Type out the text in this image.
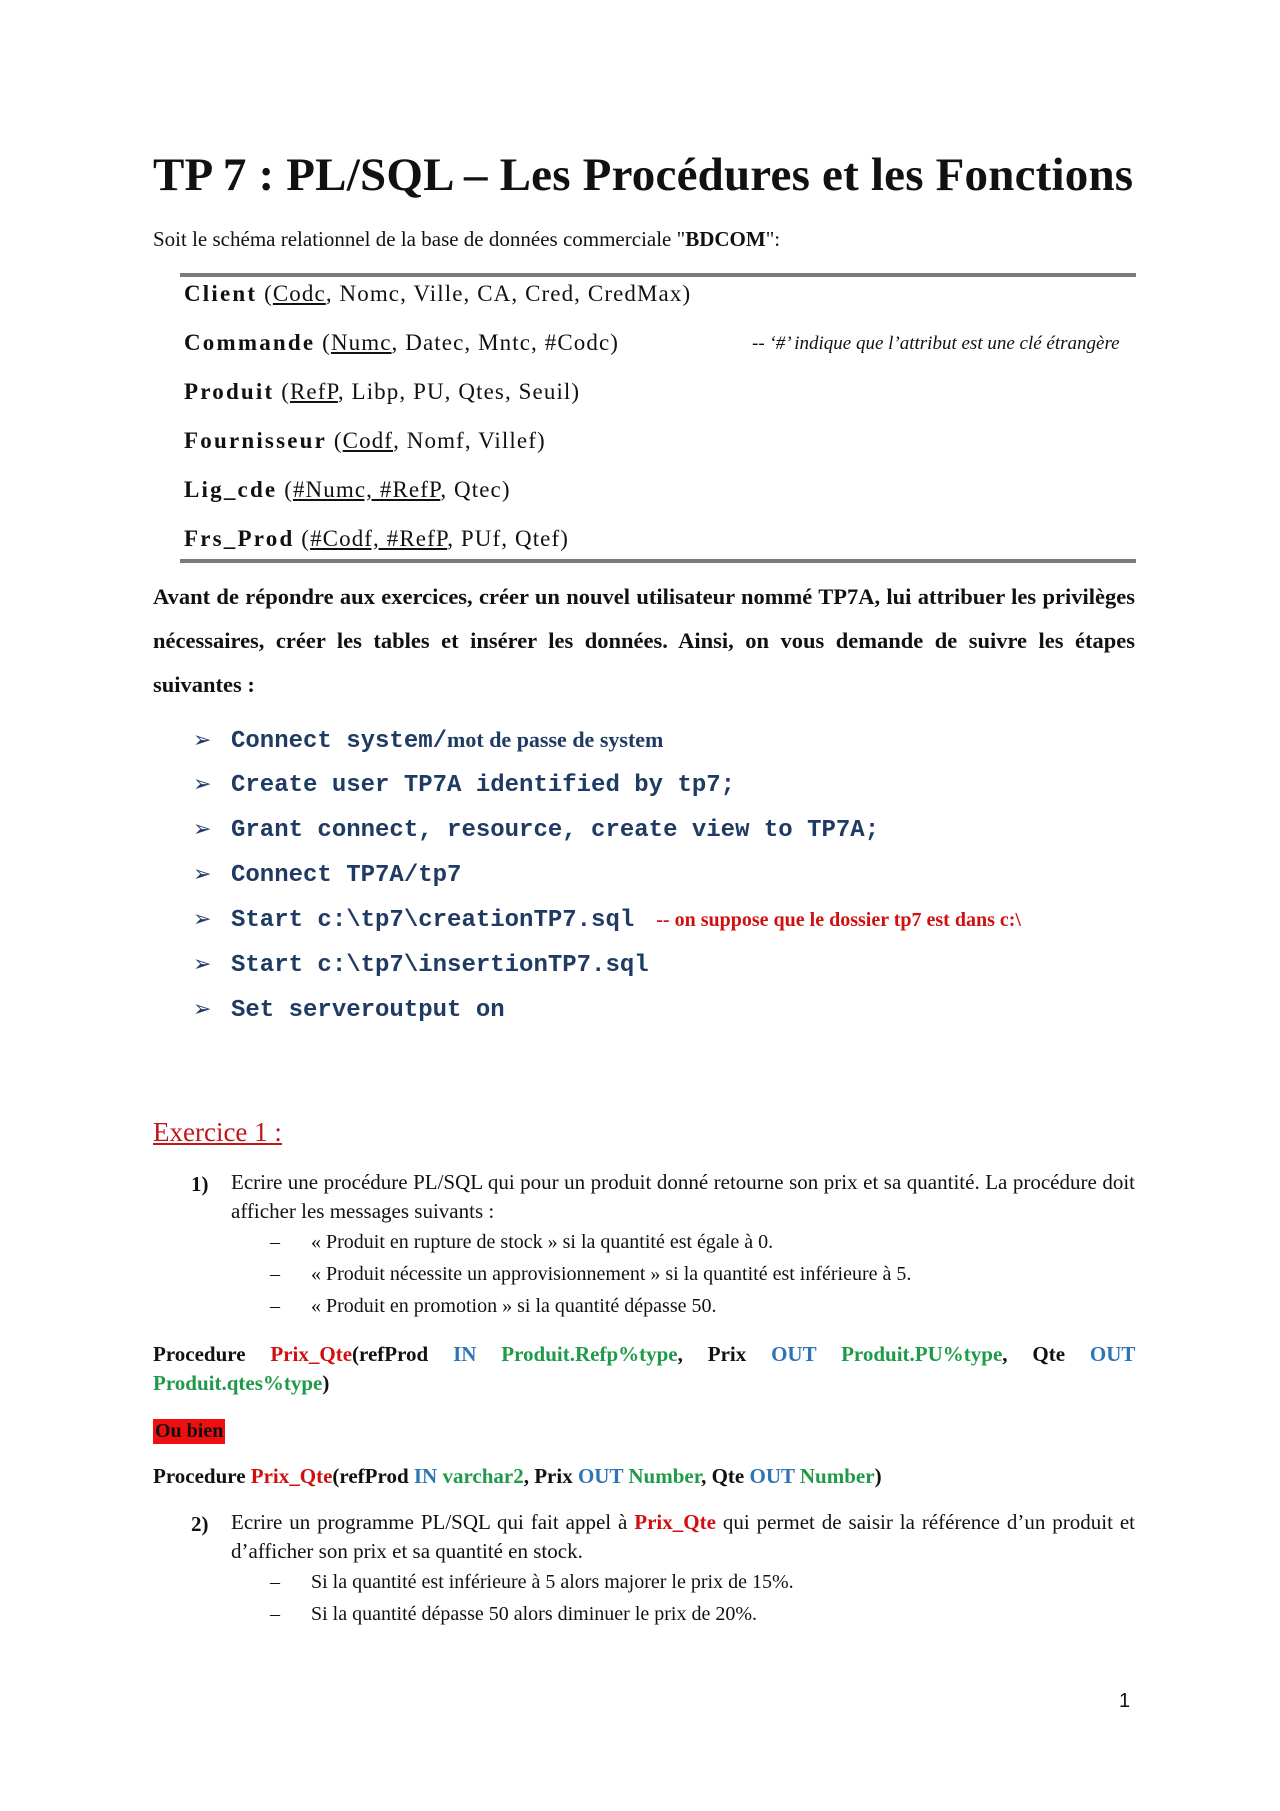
TP 7 : PL/SQL – Les Procédures et les Fonctions
Soit le schéma relationnel de la base de données commerciale "BDCOM":
Client (Codc, Nomc, Ville, CA, Cred, CredMax)
Commande (Numc, Datec, Mntc, #Codc)	-- ‘#’ indique que l’attribut est une clé étrangère
Produit (RefP, Libp, PU, Qtes, Seuil)
Fournisseur (Codf, Nomf, Villef)
Lig_cde (#Numc, #RefP, Qtec)
Frs_Prod (#Codf, #RefP, PUf, Qtef)
Avant de répondre aux exercices, créer un nouvel utilisateur nommé TP7A, lui attribuer les privilèges nécessaires, créer les tables et insérer les données. Ainsi, on vous demande de suivre les étapes suivantes :
➢ Connect system/mot de passe de system
➢ Create user TP7A identified by tp7;
➢ Grant connect, resource, create view to TP7A;
➢ Connect TP7A/tp7
➢ Start c:\tp7\creationTP7.sql -- on suppose que le dossier tp7 est dans c:\
➢ Start c:\tp7\insertionTP7.sql
➢ Set serveroutput on
Exercice 1 :
1) Ecrire une procédure PL/SQL qui pour un produit donné retourne son prix et sa quantité. La procédure doit afficher les messages suivants :
– « Produit en rupture de stock » si la quantité est égale à 0.
– « Produit nécessite un approvisionnement » si la quantité est inférieure à 5.
– « Produit en promotion » si la quantité dépasse 50.
Procedure Prix_Qte(refProd IN Produit.Refp%type, Prix OUT Produit.PU%type, Qte OUT Produit.qtes%type)
Ou bien
Procedure Prix_Qte(refProd IN varchar2, Prix OUT Number, Qte OUT Number)
2) Ecrire un programme PL/SQL qui fait appel à Prix_Qte qui permet de saisir la référence d’un produit et d’afficher son prix et sa quantité en stock.
– Si la quantité est inférieure à 5 alors majorer le prix de 15%.
– Si la quantité dépasse 50 alors diminuer le prix de 20%.
1
